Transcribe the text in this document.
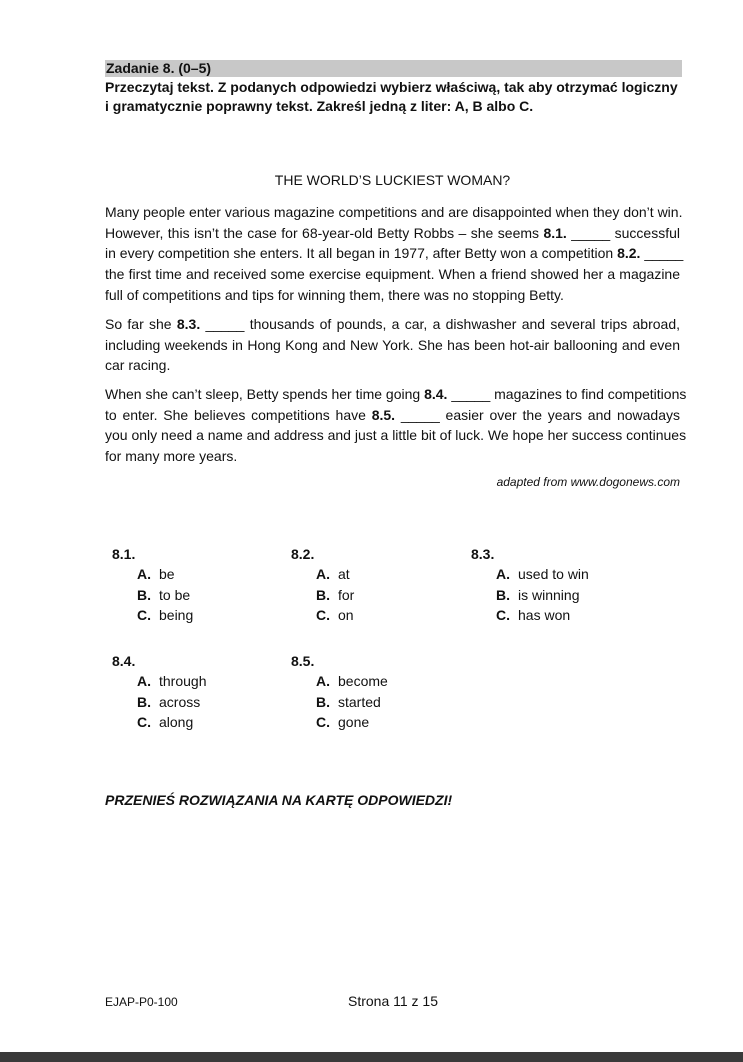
Zadanie 8. (0–5)
Przeczytaj tekst. Z podanych odpowiedzi wybierz właściwą, tak aby otrzymać logiczny
i gramatycznie poprawny tekst. Zakreśl jedną z liter: A, B albo C.
THE WORLD’S LUCKIEST WOMAN?
Many people enter various magazine competitions and are disappointed when they don’t win.
However, this isn’t the case for 68-year-old Betty Robbs – she seems 8.1. _____ successful
in every competition she enters. It all began in 1977, after Betty won a competition 8.2. _____
the first time and received some exercise equipment. When a friend showed her a magazine
full of competitions and tips for winning them, there was no stopping Betty.
So far she 8.3. _____ thousands of pounds, a car, a dishwasher and several trips abroad,
including weekends in Hong Kong and New York. She has been hot-air ballooning and even
car racing.
When she can’t sleep, Betty spends her time going 8.4. _____ magazines to find competitions
to enter. She believes competitions have 8.5. _____ easier over the years and nowadays
you only need a name and address and just a little bit of luck. We hope her success continues
for many more years.
adapted from www.dogonews.com
8.1.
A. be
B. to be
C. being
8.2.
A. at
B. for
C. on
8.3.
A. used to win
B. is winning
C. has won
8.4.
A. through
B. across
C. along
8.5.
A. become
B. started
C. gone
PRZENIEŚ ROZWIĄZANIA NA KARTĘ ODPOWIEDZI!
EJAP-P0-100	Strona 11 z 15
